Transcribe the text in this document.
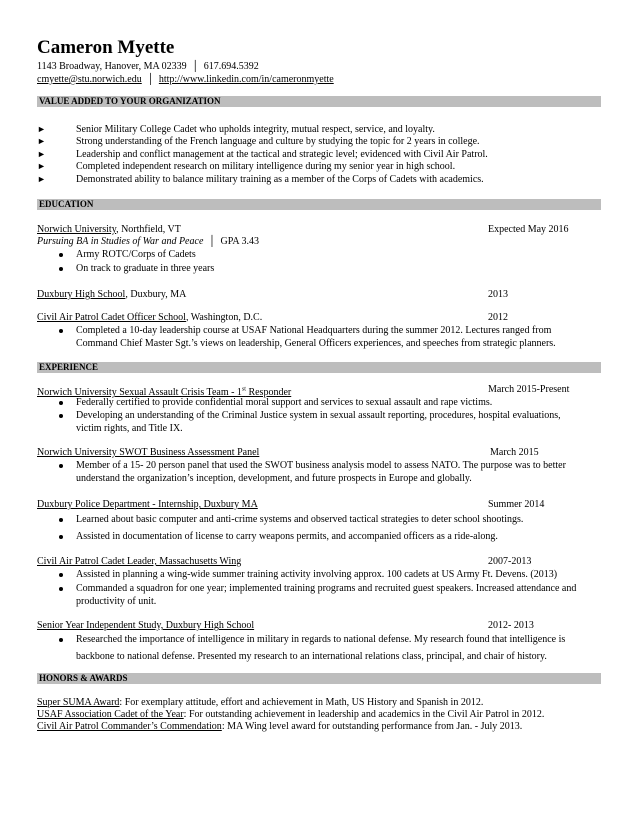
Cameron Myette
1143 Broadway, Hanover, MA 02339 │ 617.694.5392
cmyette@stu.norwich.edu │ http://www.linkedin.com/in/cameronmyette
VALUE ADDED TO YOUR ORGANIZATION
►	Senior Military College Cadet who upholds integrity, mutual respect, service, and loyalty.
►	Strong understanding of the French language and culture by studying the topic for 2 years in college.
►	Leadership and conflict management at the tactical and strategic level; evidenced with Civil Air Patrol.
►	Completed independent research on military intelligence during my senior year in high school.
►	Demonstrated ability to balance military training as a member of the Corps of Cadets with academics.
EDUCATION
Norwich University, Northfield, VT	Expected May 2016
Pursuing BA in Studies of War and Peace │ GPA 3.43
Army ROTC/Corps of Cadets
On track to graduate in three years
Duxbury High School, Duxbury, MA	2013
Civil Air Patrol Cadet Officer School, Washington, D.C.	2012
Completed a 10-day leadership course at USAF National Headquarters during the summer 2012. Lectures ranged from
Command Chief Master Sgt.’s views on leadership, General Officers experiences, and speeches from strategic planners.
EXPERIENCE
Norwich University Sexual Assault Crisis Team - 1st Responder	March 2015-Present
Federally certified to provide confidential moral support and services to sexual assault and rape victims.
Developing an understanding of the Criminal Justice system in sexual assault reporting, procedures, hospital evaluations,
victim rights, and Title IX.
Norwich University SWOT Business Assessment Panel	March 2015
Member of a 15- 20 person panel that used the SWOT business analysis model to assess NATO. The purpose was to better
understand the organization’s inception, development, and future prospects in Europe and globally.
Duxbury Police Department - Internship, Duxbury MA	Summer 2014
Learned about basic computer and anti-crime systems and observed tactical strategies to deter school shootings.
Assisted in documentation of license to carry weapons permits, and accompanied officers as a ride-along.
Civil Air Patrol Cadet Leader, Massachusetts Wing	2007-2013
Assisted in planning a wing-wide summer training activity involving approx. 100 cadets at US Army Ft. Devens. (2013)
Commanded a squadron for one year; implemented training programs and recruited guest speakers. Increased attendance and
productivity of unit.
Senior Year Independent Study, Duxbury High School	2012- 2013
Researched the importance of intelligence in military in regards to national defense. My research found that intelligence is
backbone to national defense. Presented my research to an international relations class, principal, and chair of history.
HONORS & AWARDS
Super SUMA Award: For exemplary attitude, effort and achievement in Math, US History and Spanish in 2012.
USAF Association Cadet of the Year: For outstanding achievement in leadership and academics in the Civil Air Patrol in 2012.
Civil Air Patrol Commander’s Commendation: MA Wing level award for outstanding performance from Jan. - July 2013.
